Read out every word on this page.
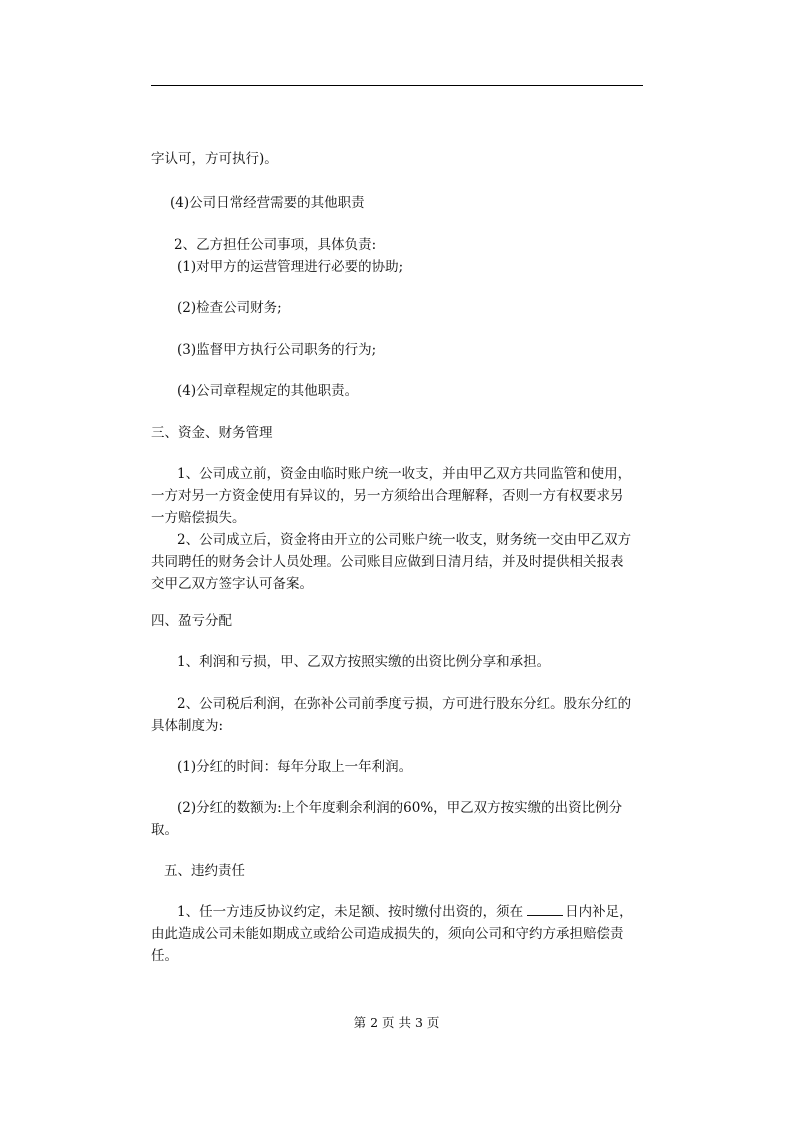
字认可，方可执行)。

(4)公司日常经营需要的其他职责

2、乙方担任公司事项，具体负责:

(1)对甲方的运营管理进行必要的协助;

(2)检查公司财务;

(3)监督甲方执行公司职务的行为;

(4)公司章程规定的其他职责。

三、资金、财务管理

1、公司成立前，资金由临时账户统一收支，并由甲乙双方共同监管和使用，

一方对另一方资金使用有异议的，另一方须给出合理解释，否则一方有权要求另

一方赔偿损失。

2、公司成立后，资金将由开立的公司账户统一收支，财务统一交由甲乙双方

共同聘任的财务会计人员处理。公司账目应做到日清月结，并及时提供相关报表

交甲乙双方签字认可备案。

四、盈亏分配

1、利润和亏损，甲、乙双方按照实缴的出资比例分享和承担。

2、公司税后利润，在弥补公司前季度亏损，方可进行股东分红。股东分红的

具体制度为:

(1)分红的时间：每年分取上一年利润。

(2)分红的数额为:上个年度剩余利润的60%，甲乙双方按实缴的出资比例分

取。

五、违约责任

1、任一方违反协议约定，未足额、按时缴付出资的，须在	日内补足，

由此造成公司未能如期成立或给公司造成损失的，须向公司和守约方承担赔偿责

任。

第 2 页 共 3 页
